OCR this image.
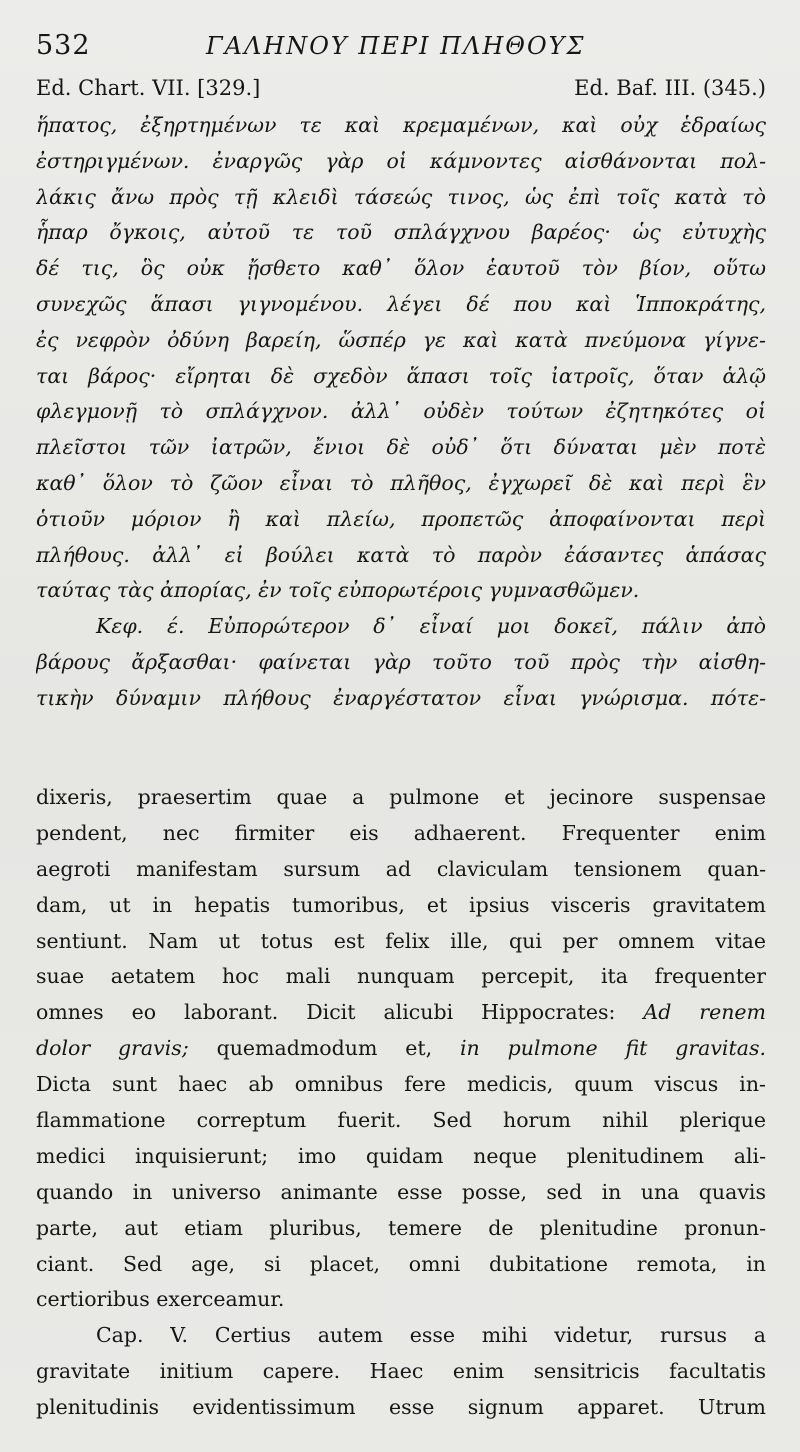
532	ΓΑΛΗΝΟΥ ΠΕΡΙ ΠΛΗΘΟΥΣ
Ed. Chart. VII. [329.]	Ed. Baf. III. (345.)
ἥπατος, ἐξηρτημένων τε καὶ κρεμαμένων, καὶ οὐχ ἑδραίως
ἐστηριγμένων. ἐναργῶς γὰρ οἱ κάμνοντες αἰσθάνονται πολ-
λάκις ἄνω πρὸς τῇ κλειδὶ τάσεώς τινος, ὡς ἐπὶ τοῖς κατὰ τὸ
ἧπαρ ὄγκοις, αὐτοῦ τε τοῦ σπλάγχνου βαρέος· ὡς εὐτυχὴς
δέ τις, ὃς οὐκ ᾔσθετο καθ᾽ ὅλον ἑαυτοῦ τὸν βίον, οὕτω
συνεχῶς ἅπασι γιγνομένου. λέγει δέ που καὶ Ἱπποκράτης,
ἐς νεφρὸν ὀδύνη βαρείη, ὥσπέρ γε καὶ κατὰ πνεύμονα γίγνε-
ται βάρος· εἴρηται δὲ σχεδὸν ἅπασι τοῖς ἰατροῖς, ὅταν ἁλῷ
φλεγμονῇ τὸ σπλάγχνον. ἀλλ᾽ οὐδὲν τούτων ἐζητηκότες οἱ
πλεῖστοι τῶν ἰατρῶν, ἔνιοι δὲ οὐδ᾽ ὅτι δύναται μὲν ποτὲ
καθ᾽ ὅλον τὸ ζῶον εἶναι τὸ πλῆθος, ἐγχωρεῖ δὲ καὶ περὶ ἓν
ὁτιοῦν μόριον ἢ καὶ πλείω, προπετῶς ἀποφαίνονται περὶ
πλήθους. ἀλλ᾽ εἰ βούλει κατὰ τὸ παρὸν ἐάσαντες ἁπάσας
ταύτας τὰς ἀπορίας, ἐν τοῖς εὐπορωτέροις γυμνασθῶμεν.
Κεφ. έ. Εὐπορώτερον δ᾽ εἶναί μοι δοκεῖ, πάλιν ἀπὸ
βάρους ἄρξασθαι· φαίνεται γὰρ τοῦτο τοῦ πρὸς τὴν αἰσθη-
τικὴν δύναμιν πλήθους ἐναργέστατον εἶναι γνώρισμα. πότε-
dixeris, praesertim quae a pulmone et jecinore suspensae
pendent, nec firmiter eis adhaerent. Frequenter enim
aegroti manifestam sursum ad claviculam tensionem quan-
dam, ut in hepatis tumoribus, et ipsius visceris gravitatem
sentiunt. Nam ut totus est felix ille, qui per omnem vitae
suae aetatem hoc mali nunquam percepit, ita frequenter
omnes eo laborant. Dicit alicubi Hippocrates: Ad renem
dolor gravis; quemadmodum et, in pulmone fit gravitas.
Dicta sunt haec ab omnibus fere medicis, quum viscus in-
flammatione correptum fuerit. Sed horum nihil plerique
medici inquisierunt; imo quidam neque plenitudinem ali-
quando in universo animante esse posse, sed in una quavis
parte, aut etiam pluribus, temere de plenitudine pronun-
ciant. Sed age, si placet, omni dubitatione remota, in
certioribus exerceamur.
Cap. V. Certius autem esse mihi videtur, rursus a
gravitate initium capere. Haec enim sensitricis facultatis
plenitudinis evidentissimum esse signum apparet. Utrum
